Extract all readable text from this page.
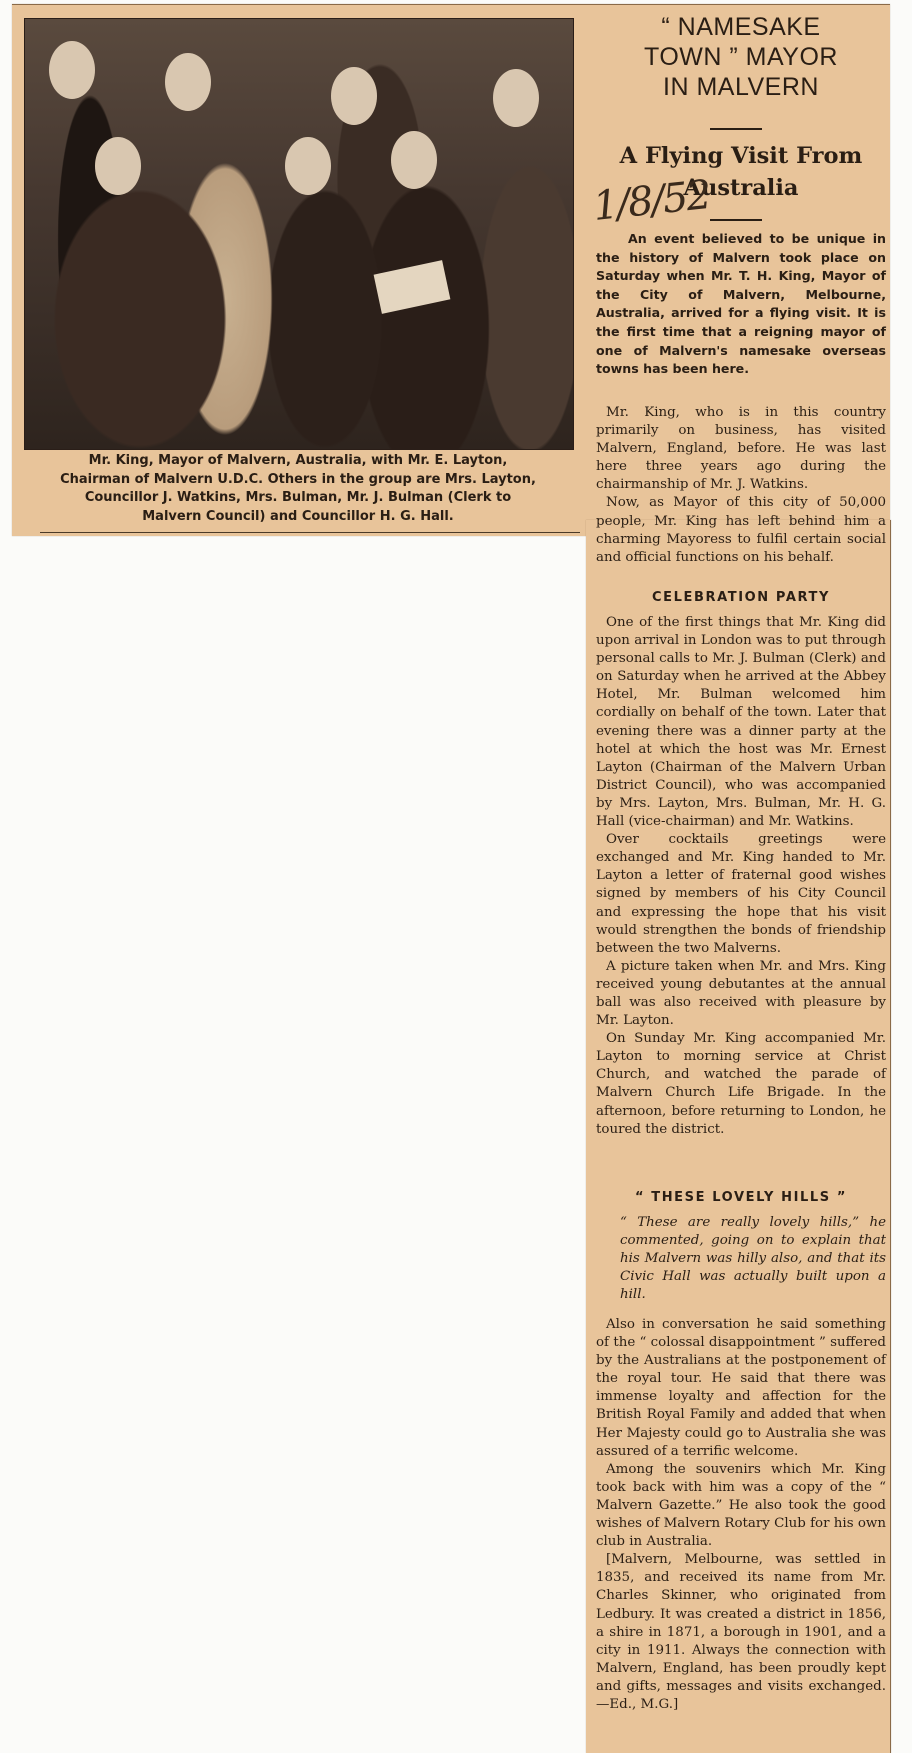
Mr. King, Mayor of Malvern, Australia, with Mr. E. Layton,
Chairman of Malvern U.D.C. Others in the group are Mrs. Layton,
Councillor J. Watkins, Mrs. Bulman, Mr. J. Bulman (Clerk to
Malvern Council) and Councillor H. G. Hall.
“ NAMESAKE
TOWN ” MAYOR
IN MALVERN
A Flying Visit From
Australia
1/8/52
An event believed to be unique in the history of Malvern took place on Saturday when Mr. T. H. King, Mayor of the City of Malvern, Melbourne, Australia, arrived for a flying visit. It is the first time that a reigning mayor of one of Malvern's namesake overseas towns has been here.

Mr. King, who is in this country primarily on business, has visited Malvern, England, before. He was last here three years ago during the chairmanship of Mr. J. Watkins.

Now, as Mayor of this city of 50,000 people, Mr. King has left behind him a charming Mayoress to fulfil certain social and official functions on his behalf.

CELEBRATION PARTY

One of the first things that Mr. King did upon arrival in London was to put through personal calls to Mr. J. Bulman (Clerk) and on Saturday when he arrived at the Abbey Hotel, Mr. Bulman welcomed him cordially on behalf of the town. Later that evening there was a dinner party at the hotel at which the host was Mr. Ernest Layton (Chairman of the Malvern Urban District Council), who was accompanied by Mrs. Layton, Mrs. Bulman, Mr. H. G. Hall (vice-chairman) and Mr. Watkins.

Over cocktails greetings were exchanged and Mr. King handed to Mr. Layton a letter of fraternal good wishes signed by members of his City Council and expressing the hope that his visit would strengthen the bonds of friendship between the two Malverns.

A picture taken when Mr. and Mrs. King received young debutantes at the annual ball was also received with pleasure by Mr. Layton.

On Sunday Mr. King accompanied Mr. Layton to morning service at Christ Church, and watched the parade of Malvern Church Life Brigade. In the afternoon, before returning to London, he toured the district.

“ THESE LOVELY HILLS ”

“ These are really lovely hills,” he commented, going on to explain that his Malvern was hilly also, and that its Civic Hall was actually built upon a hill.

Also in conversation he said something of the “ colossal disappointment ” suffered by the Australians at the postponement of the royal tour. He said that there was immense loyalty and affection for the British Royal Family and added that when Her Majesty could go to Australia she was assured of a terrific welcome.

Among the souvenirs which Mr. King took back with him was a copy of the “ Malvern Gazette.” He also took the good wishes of Malvern Rotary Club for his own club in Australia.

[Malvern, Melbourne, was settled in 1835, and received its name from Mr. Charles Skinner, who originated from Ledbury. It was created a district in 1856, a shire in 1871, a borough in 1901, and a city in 1911. Always the connection with Malvern, England, has been proudly kept and gifts, messages and visits exchanged.—Ed., M.G.]
